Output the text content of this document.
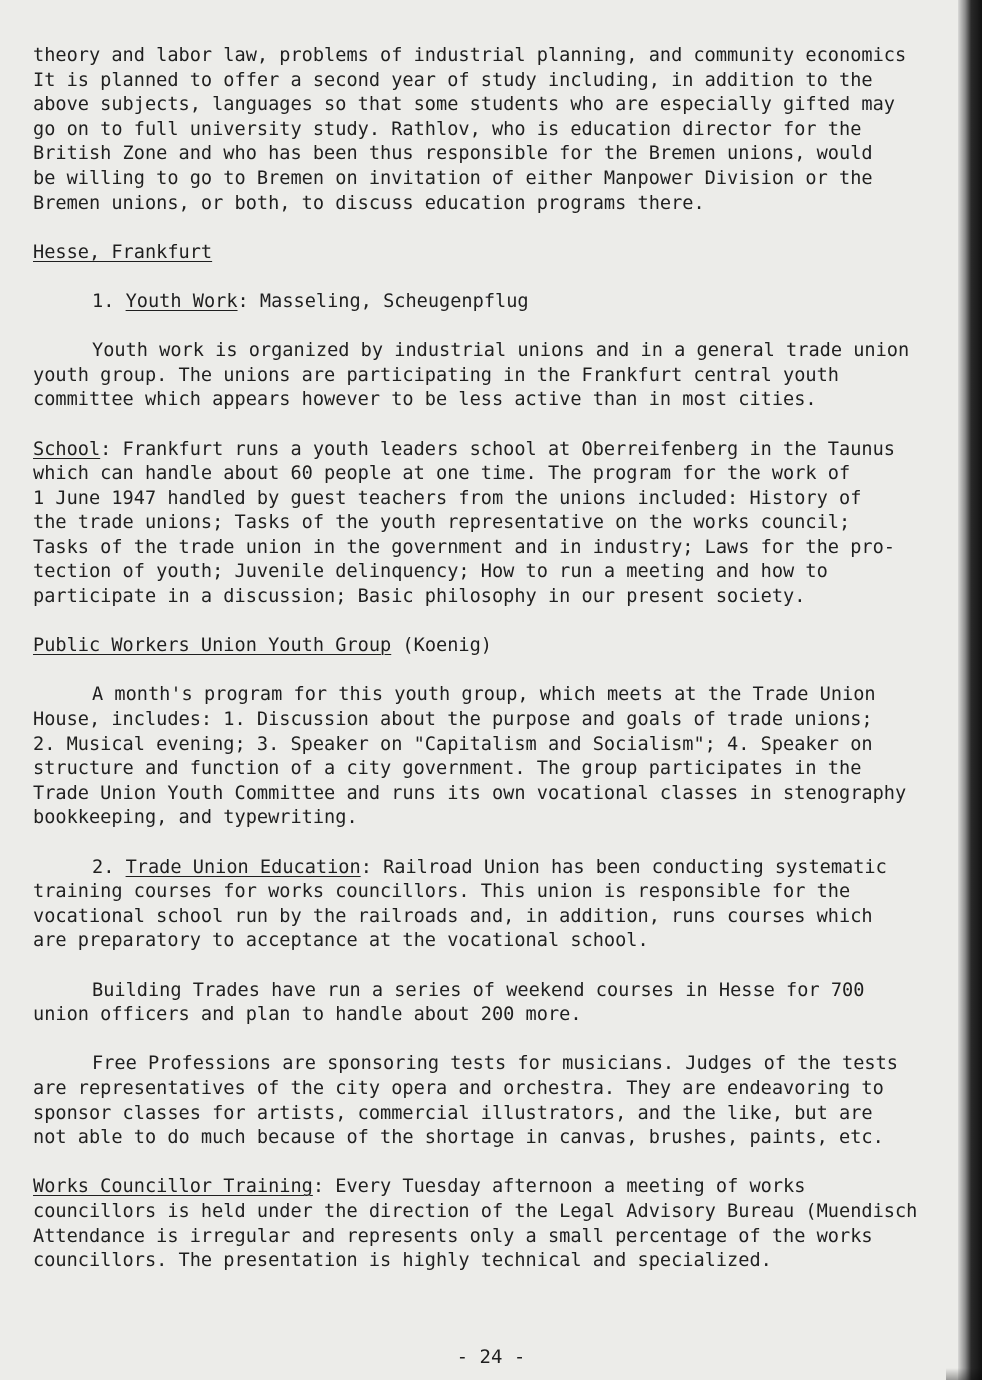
theory and labor law, problems of industrial planning, and community economics
It is planned to offer a second year of study including, in addition to the
above subjects, languages so that some students who are especially gifted may
go on to full university study. Rathlov, who is education director for the
British Zone and who has been thus responsible for the Bremen unions, would
be willing to go to Bremen on invitation of either Manpower Division or the
Bremen unions, or both, to discuss education programs there.
Hesse, Frankfurt
1. Youth Work: Masseling, Scheugenpflug
Youth work is organized by industrial unions and in a general trade union
youth group. The unions are participating in the Frankfurt central youth
committee which appears however to be less active than in most cities.
School: Frankfurt runs a youth leaders school at Oberreifenberg in the Taunus
which can handle about 60 people at one time. The program for the work of
1 June 1947 handled by guest teachers from the unions included: History of
the trade unions; Tasks of the youth representative on the works council;
Tasks of the trade union in the government and in industry; Laws for the pro-
tection of youth; Juvenile delinquency; How to run a meeting and how to
participate in a discussion; Basic philosophy in our present society.
Public Workers Union Youth Group (Koenig)
A month's program for this youth group, which meets at the Trade Union
House, includes: 1. Discussion about the purpose and goals of trade unions;
2. Musical evening; 3. Speaker on "Capitalism and Socialism"; 4. Speaker on
structure and function of a city government. The group participates in the
Trade Union Youth Committee and runs its own vocational classes in stenography
bookkeeping, and typewriting.
2. Trade Union Education: Railroad Union has been conducting systematic
training courses for works councillors. This union is responsible for the
vocational school run by the railroads and, in addition, runs courses which
are preparatory to acceptance at the vocational school.
Building Trades have run a series of weekend courses in Hesse for 700
union officers and plan to handle about 200 more.
Free Professions are sponsoring tests for musicians. Judges of the tests
are representatives of the city opera and orchestra. They are endeavoring to
sponsor classes for artists, commercial illustrators, and the like, but are
not able to do much because of the shortage in canvas, brushes, paints, etc.
Works Councillor Training: Every Tuesday afternoon a meeting of works
councillors is held under the direction of the Legal Advisory Bureau (Muendisch
Attendance is irregular and represents only a small percentage of the works
councillors. The presentation is highly technical and specialized.
- 24 -
